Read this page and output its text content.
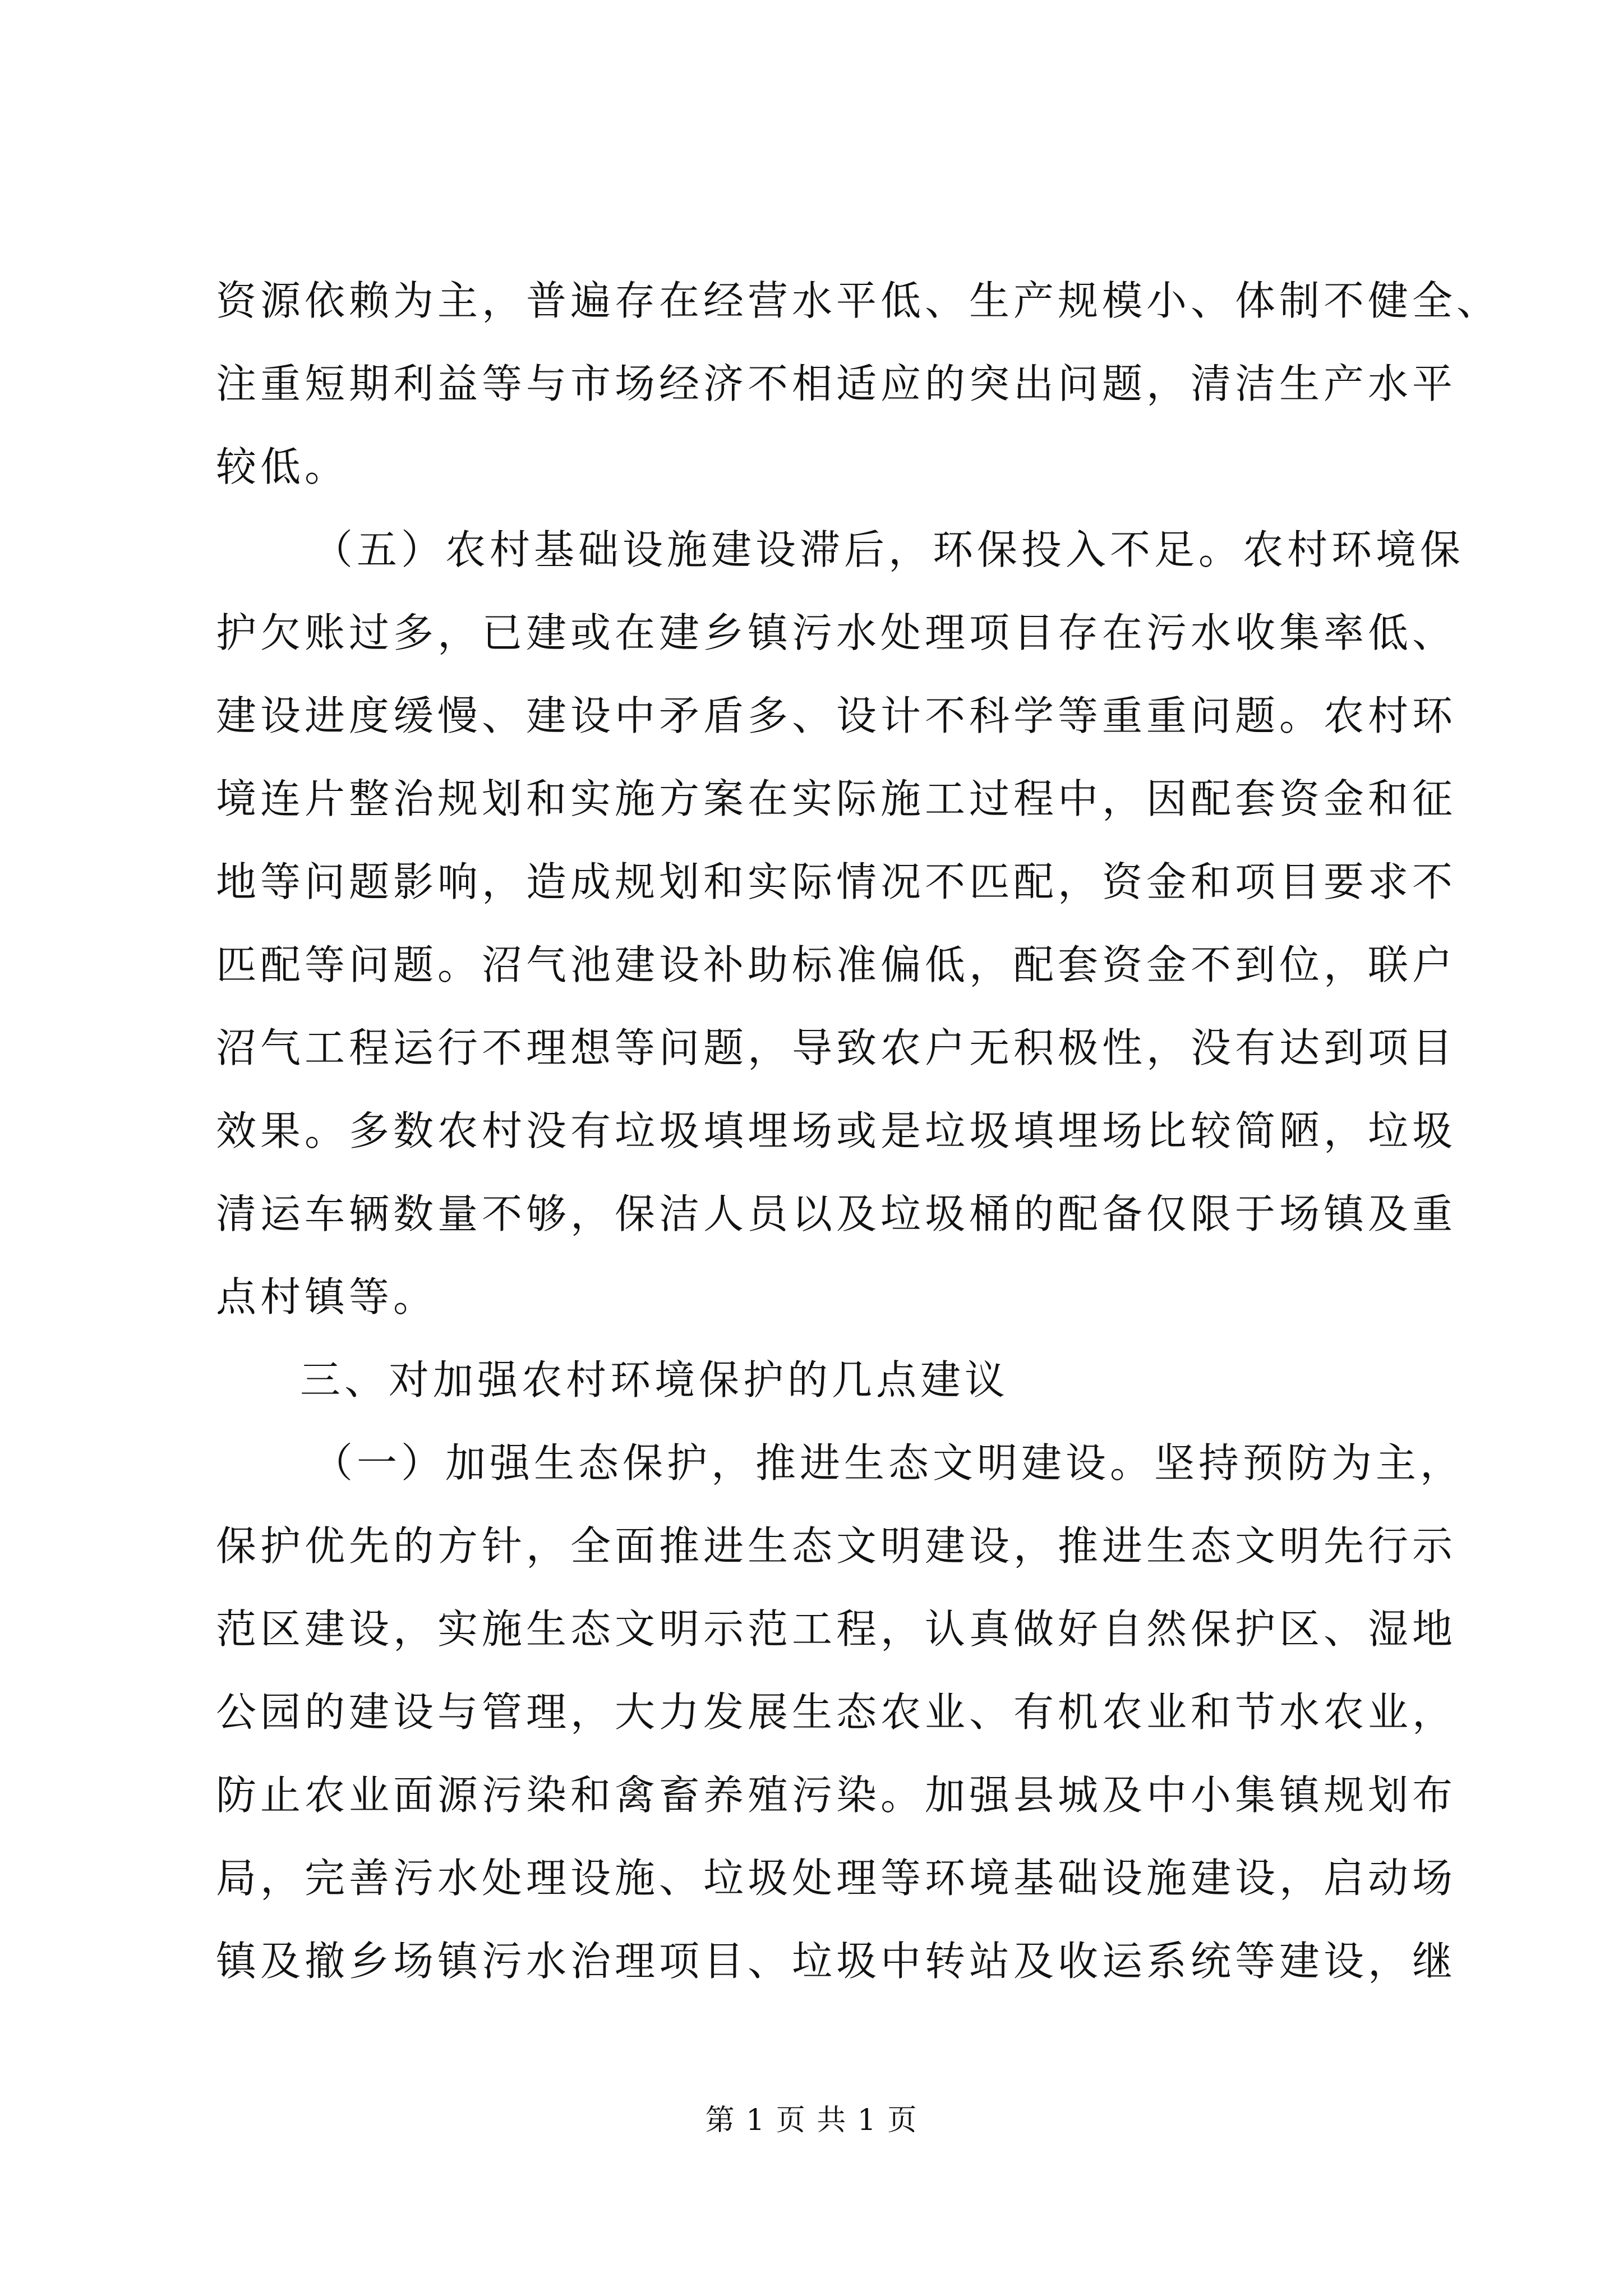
资源依赖为主，普遍存在经营水平低、生产规模小、体制不健全、
注重短期利益等与市场经济不相适应的突出问题，清洁生产水平
较低。
（五）农村基础设施建设滞后，环保投入不足。农村环境保
护欠账过多，已建或在建乡镇污水处理项目存在污水收集率低、
建设进度缓慢、建设中矛盾多、设计不科学等重重问题。农村环
境连片整治规划和实施方案在实际施工过程中，因配套资金和征
地等问题影响，造成规划和实际情况不匹配，资金和项目要求不
匹配等问题。沼气池建设补助标准偏低，配套资金不到位，联户
沼气工程运行不理想等问题，导致农户无积极性，没有达到项目
效果。多数农村没有垃圾填埋场或是垃圾填埋场比较简陋，垃圾
清运车辆数量不够，保洁人员以及垃圾桶的配备仅限于场镇及重
点村镇等。
三、对加强农村环境保护的几点建议
（一）加强生态保护，推进生态文明建设。坚持预防为主，
保护优先的方针，全面推进生态文明建设，推进生态文明先行示
范区建设，实施生态文明示范工程，认真做好自然保护区、湿地
公园的建设与管理，大力发展生态农业、有机农业和节水农业，
防止农业面源污染和禽畜养殖污染。加强县城及中小集镇规划布
局，完善污水处理设施、垃圾处理等环境基础设施建设，启动场
镇及撤乡场镇污水治理项目、垃圾中转站及收运系统等建设，继
第 1 页 共 1 页
